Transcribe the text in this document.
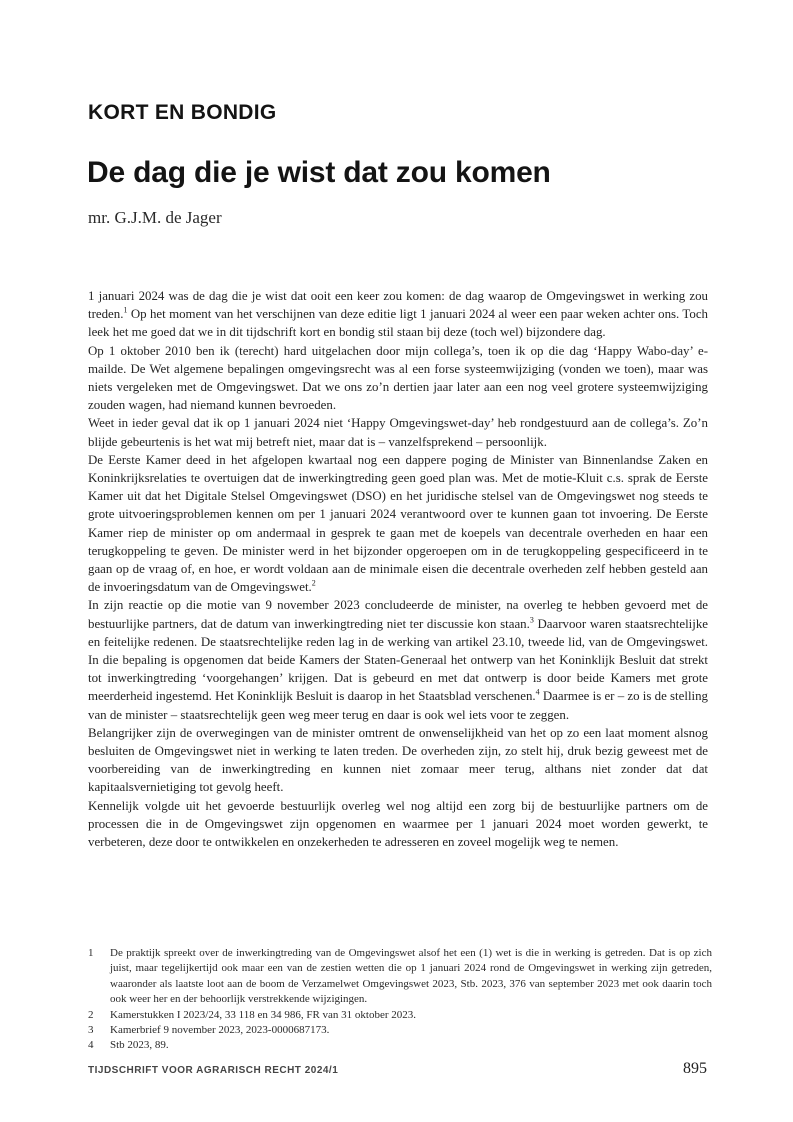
KORT EN BONDIG
De dag die je wist dat zou komen
mr. G.J.M. de Jager

1 januari 2024 was de dag die je wist dat ooit een keer zou komen: de dag waarop de Omgevingswet in werking zou treden.$^1$ Op het moment van het verschijnen van deze editie ligt 1 januari 2024 al weer een paar weken achter ons. Toch leek het me goed dat we in dit tijdschrift kort en bondig stil staan bij deze (toch wel) bijzondere dag.

Op 1 oktober 2010 ben ik (terecht) hard uitgelachen door mijn collega’s, toen ik op die dag ‘Happy Wabo-day’ e-mailde. De Wet algemene bepalingen omgevingsrecht was al een forse systeemwijziging (vonden we toen), maar was niets vergeleken met de Omgevingswet. Dat we ons zo’n dertien jaar later aan een nog veel grotere systeemwijziging zouden wagen, had niemand kunnen bevroeden.

Weet in ieder geval dat ik op 1 januari 2024 niet ‘Happy Omgevingswet-day’ heb rondgestuurd aan de collega’s. Zo’n blijde gebeurtenis is het wat mij betreft niet, maar dat is – vanzelfsprekend – persoonlijk.

De Eerste Kamer deed in het afgelopen kwartaal nog een dappere poging de Minister van Binnenlandse Zaken en Koninkrijksrelaties te overtuigen dat de inwerkingtreding geen goed plan was. Met de motie-Kluit c.s. sprak de Eerste Kamer uit dat het Digitale Stelsel Omgevingswet (DSO) en het juridische stelsel van de Omgevingswet nog steeds te grote uitvoeringsproblemen kennen om per 1 januari 2024 verantwoord over te kunnen gaan tot invoering. De Eerste Kamer riep de minister op om andermaal in gesprek te gaan met de koepels van decentrale overheden en haar een terugkoppeling te geven. De minister werd in het bijzonder opgeroepen om in de terugkoppeling gespecificeerd in te gaan op de vraag of, en hoe, er wordt voldaan aan de minimale eisen die decentrale overheden zelf hebben gesteld aan de invoeringsdatum van de Omgevingswet.$^2$

In zijn reactie op die motie van 9 november 2023 concludeerde de minister, na overleg te hebben gevoerd met de bestuurlijke partners, dat de datum van inwerkingtreding niet ter discussie kon staan.$^3$ Daarvoor waren staatsrechtelijke en feitelijke redenen. De staatsrechtelijke reden lag in de werking van artikel 23.10, tweede lid, van de Omgevingswet. In die bepaling is opgenomen dat beide Kamers der Staten-Generaal het ontwerp van het Koninklijk Besluit dat strekt tot inwerkingtreding ‘voorgehangen’ krijgen. Dat is gebeurd en met dat ontwerp is door beide Kamers met grote meerderheid ingestemd. Het Koninklijk Besluit is daarop in het Staatsblad verschenen.$^4$ Daarmee is er – zo is de stelling van de minister – staatsrechtelijk geen weg meer terug en daar is ook wel iets voor te zeggen.

Belangrijker zijn de overwegingen van de minister omtrent de onwenselijkheid van het op zo een laat moment alsnog besluiten de Omgevingswet niet in werking te laten treden. De overheden zijn, zo stelt hij, druk bezig geweest met de voorbereiding van de inwerkingtreding en kunnen niet zomaar meer terug, althans niet zonder dat dat kapitaalsvernietiging tot gevolg heeft.

Kennelijk volgde uit het gevoerde bestuurlijk overleg wel nog altijd een zorg bij de bestuurlijke partners om de processen die in de Omgevingswet zijn opgenomen en waarmee per 1 januari 2024 moet worden gewerkt, te verbeteren, deze door te ontwikkelen en onzekerheden te adresseren en zoveel mogelijk weg te nemen.

1 De praktijk spreekt over de inwerkingtreding van de Omgevingswet alsof het een (1) wet is die in werking is getreden. Dat is op zich juist, maar tegelijkertijd ook maar een van de zestien wetten die op 1 januari 2024 rond de Omgevingswet in werking zijn getreden, waaronder als laatste loot aan de boom de Verzamelwet Omgevingswet 2023, Stb. 2023, 376 van september 2023 met ook daarin toch ook weer her en der behoorlijk verstrekkende wijzigingen.
2 Kamerstukken I 2023/24, 33 118 en 34 986, FR van 31 oktober 2023.
3 Kamerbrief 9 november 2023, 2023-0000687173.
4 Stb 2023, 89.
TIJDSCHRIFT VOOR AGRARISCH RECHT 2024/1	895
